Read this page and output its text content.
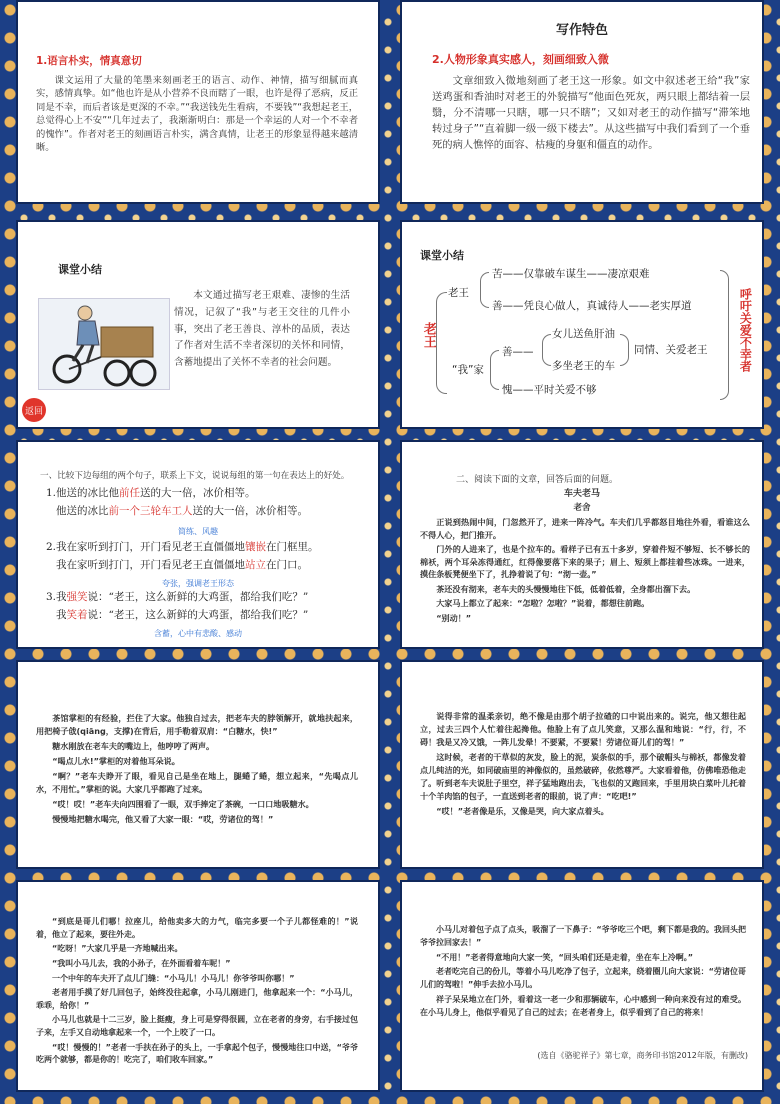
1.语言朴实，情真意切
课文运用了大量的笔墨来刻画老王的语言、动作、神情，描写细腻而真实，感情真挚。如“他也许是从小营养不良而瞎了一眼，也许是得了恶病，反正同是不幸，而后者该是更深的不幸。”“我送钱先生看病，不要钱”“我想起老王，总觉得心上不安”“几年过去了，我渐渐明白：那是一个幸运的人对一个不幸者的愧怍”。作者对老王的刻画语言朴实，满含真情，让老王的形象显得越来越清晰。
写作特色
2.人物形象真实感人，刻画细致入微
文章细致入微地刻画了老王这一形象。如文中叙述老王给“我”家送鸡蛋和香油时对老王的外貌描写“他面色死灰，两只眼上都结着一层翳，分不清哪一只瞎，哪一只不瞎”；又如对老王的动作描写“滞笨地转过身子”“直着脚一级一级下楼去”。从这些描写中我们看到了一个垂死的病人憔悴的面容、枯瘦的身躯和僵直的动作。
课堂小结
本文通过描写老王艰难、凄惨的生活情况，记叙了“我”与老王交往的几件小事，突出了老王善良、淳朴的品质，表达了作者对生活不幸者深切的关怀和同情，含蓄地提出了关怀不幸者的社会问题。
返回
课堂小结
老王
老王
苦——仅靠破车谋生——凄凉艰难
善——凭良心做人，真诚待人——老实厚道
“我”家
善——
女儿送鱼肝油
多坐老王的车
同情、关爱老王
愧——平时关爱不够
呼吁关爱不幸者
一、比较下边每组的两个句子，联系上下文，说说每组的第一句在表达上的好处。
1.他送的冰比他前任送的大一倍，冰价相等。
他送的冰比前一个三轮车工人送的大一倍，冰价相等。
简练、风趣
2.我在家听到打门，开门看见老王直僵僵地镶嵌在门框里。
我在家听到打门，开门看见老王直僵僵地站立在门口。
夸张，强调老王形态
3.我强笑说：“老王，这么新鲜的大鸡蛋，都给我们吃？”
我笑着说：“老王，这么新鲜的大鸡蛋，都给我们吃？”
含蓄，心中有悲酸、感动
二、阅读下面的文章，回答后面的问题。
车夫老马
老舍
正说到热闹中间，门忽然开了，进来一阵冷气。车夫们几乎都怒目地往外看，看谁这么不得人心，把门推开。
门外的人进来了，也是个拉车的。看样子已有五十多岁，穿着件短不够短、长不够长的棉袄，两个耳朵冻得通红，红得像要落下来的果子；眉上、短须上都挂着些冰珠。一进来，摸住条板凳便坐下了，扎挣着说了句：“沏一壶。”
茶还没有沏来，老车夫的头慢慢地往下低，低着低着，全身都出溜下去。
大家马上都立了起来：“怎啦？怎啦？”说着，都想往前跑。
“别动！”
茶馆掌柜的有经验，拦住了大家。他独自过去，把老车夫的脖领解开，就地扶起来，用把椅子戗(qiāng，支撑)在背后，用手勒着双肩：“白糖水，快!”
糖水刚放在老车夫的嘴边上，他哼哼了两声。
“喝点儿水!”掌柜的对着他耳朵说。
“啊？”老车夫睁开了眼，看见自己是坐在地上，腿蜷了蜷，想立起来，“先喝点儿水，不用忙。”掌柜的说。大家几乎都跑了过来。
“哎！哎！”老车夫向四围看了一眼，双手捧定了茶碗，一口口地吸糖水。
慢慢地把糖水喝完，他又看了大家一眼：“哎，劳诸位的驾！”
说得非常的温柔亲切，绝不像是由那个胡子拉碴的口中说出来的。说完，他又想往起立，过去三四个人忙着往起搀他。他脸上有了点儿笑意，又那么温和地说：“行，行，不碍！我是又冷又饿，一阵儿发晕！不要紧，不要紧！劳诸位哥儿们的驾！”
这时候，老者的干草似的灰发，脸上的泥，炭条似的手，那个破帽头与棉袄，都像发着点儿纯洁的光，如同破庙里的神像似的，虽然破碎，依然尊严。大家看着他，仿佛唯恐他走了。听到老车夫说肚子里空，祥子猛地跑出去，飞也似的又跑回来，手里用块白菜叶儿托着十个羊肉馅的包子，一直送到老者的眼前，说了声：“吃吧!”
“哎！”老者像是乐，又像是哭，向大家点着头。
“到底是哥儿们哪！拉座儿，给他卖多大的力气，临完多要一个子儿都怪难的！”说着，他立了起来，要往外走。
“吃呀！”大家几乎是一齐地喊出来。
“我叫小马儿去，我的小孙子，在外面看着车呢！”
一个中年的车夫开了点儿门缝：“小马儿！小马儿！你爷爷叫你哪！”
老者用手摸了好几回包子，始终没往起拿，小马儿刚进门，他拿起来一个：“小马儿，乖乖，给你！”
小马儿也就是十二三岁，脸上挺瘦，身上可是穿得很圆，立在老者的身旁，右手接过包子来，左手又自动地拿起来一个，一个上咬了一口。
“哎！慢慢的！”老者一手扶在孙子的头上，一手拿起个包子，慢慢地往口中送，“爷爷吃两个就够，都是你的！吃完了，咱们收车回家。”
小马儿对着包子点了点头，吸溜了一下鼻子：“爷爷吃三个吧，剩下都是我的。我回头把爷爷拉回家去！”
“不用！”老者得意地向大家一笑，“回头咱们还是走着，坐在车上冷啊。”
老者吃完自己的份儿，等着小马儿吃净了包子，立起来，绕着圈儿向大家说：“劳诸位哥儿们的驾啦！”伸手去拉小马儿。
祥子呆呆地立在门外，看着这一老一少和那辆破车，心中感到一种向来没有过的难受。在小马儿身上，他似乎看见了自己的过去；在老者身上，似乎看到了自己的将来！
(选自《骆驼祥子》第七章，商务印书馆2012年版，有删改)
